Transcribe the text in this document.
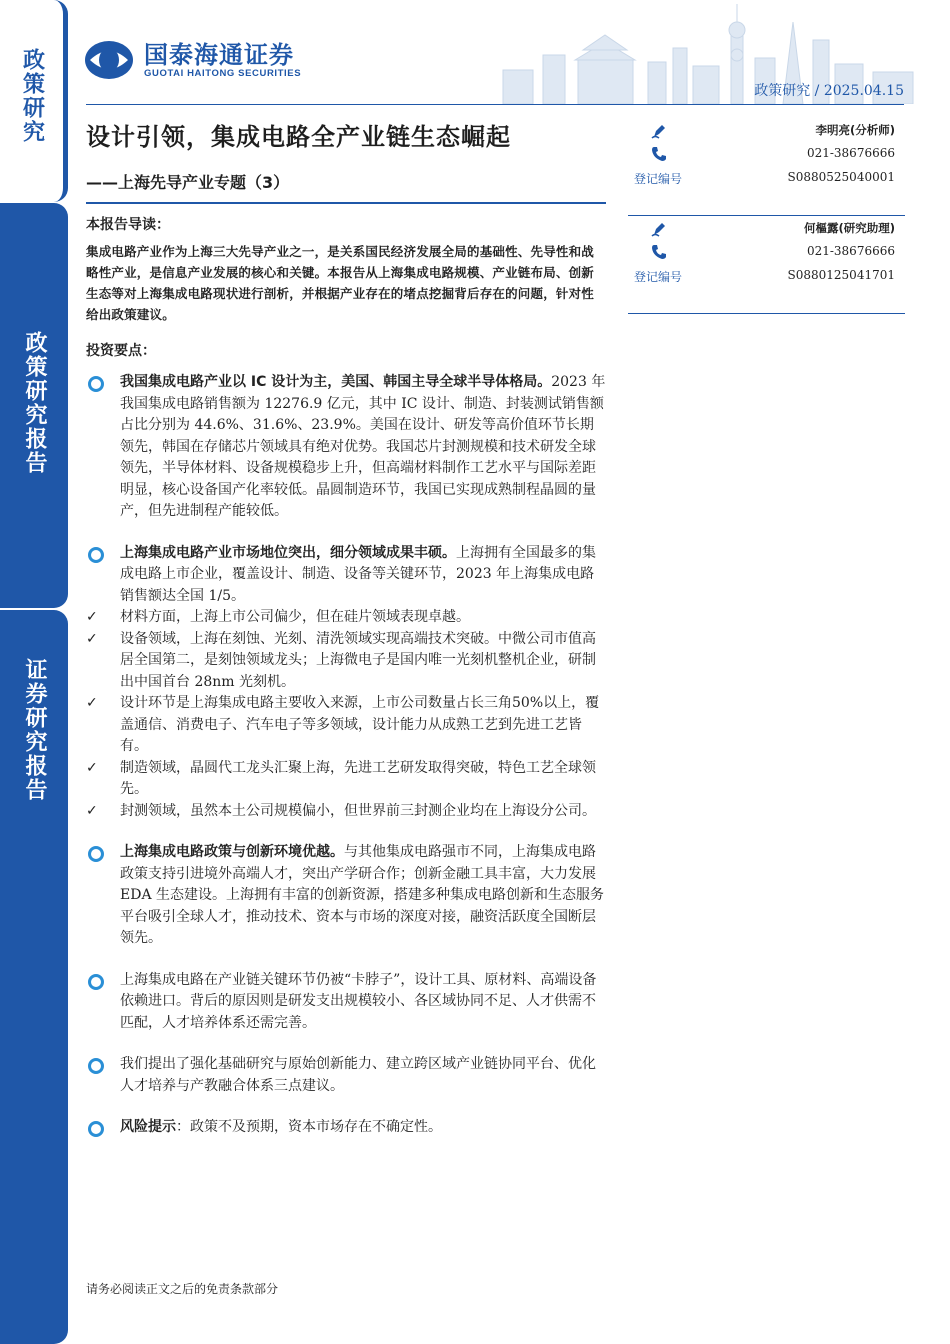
政策研究
政策研究报告
证券研究报告
国泰海通证券
GUOTAI HAITONG SECURITIES
政策研究 / 2025.04.15
设计引领，集成电路全产业链生态崛起
——上海先导产业专题（3）
李明亮(分析师)
021-38676666
登记编号	S0880525040001
何樞露(研究助理)
021-38676666
登记编号	S0880125041701

本报告导读：

集成电路产业作为上海三大先导产业之一，是关系国民经济发展全局的基础性、先导性和战略性产业，是信息产业发展的核心和关键。本报告从上海集成电路规模、产业链布局、创新生态等对上海集成电路现状进行剖析，并根据产业存在的堵点挖掘背后存在的问题，针对性给出政策建议。

投资要点：

我国集成电路产业以 IC 设计为主，美国、韩国主导全球半导体格局。2023 年我国集成电路销售额为 12276.9 亿元，其中 IC 设计、制造、封装测试销售额占比分别为 44.6%、31.6%、23.9%。美国在设计、研发等高价值环节长期领先，韩国在存储芯片领域具有绝对优势。我国芯片封测规模和技术研发全球领先，半导体材料、设备规模稳步上升，但高端材料制作工艺水平与国际差距明显，核心设备国产化率较低。晶圆制造环节，我国已实现成熟制程晶圆的量产，但先进制程产能较低。

上海集成电路产业市场地位突出，细分领域成果丰硕。上海拥有全国最多的集成电路上市企业，覆盖设计、制造、设备等关键环节，2023 年上海集成电路销售额达全国 1/5。

✓ 材料方面，上海上市公司偏少，但在硅片领域表现卓越。

✓ 设备领域，上海在刻蚀、光刻、清洗领域实现高端技术突破。中微公司市值高居全国第二，是刻蚀领域龙头；上海微电子是国内唯一光刻机整机企业，研制出中国首台 28nm 光刻机。

✓ 设计环节是上海集成电路主要收入来源，上市公司数量占长三角50%以上，覆盖通信、消费电子、汽车电子等多领域，设计能力从成熟工艺到先进工艺皆有。

✓ 制造领域，晶圆代工龙头汇聚上海，先进工艺研发取得突破，特色工艺全球领先。

✓ 封测领域，虽然本土公司规模偏小，但世界前三封测企业均在上海设分公司。

上海集成电路政策与创新环境优越。与其他集成电路强市不同，上海集成电路政策支持引进境外高端人才，突出产学研合作；创新金融工具丰富，大力发展 EDA 生态建设。上海拥有丰富的创新资源，搭建多种集成电路创新和生态服务平台吸引全球人才，推动技术、资本与市场的深度对接，融资活跃度全国断层领先。

上海集成电路在产业链关键环节仍被“卡脖子”，设计工具、原材料、高端设备依赖进口。背后的原因则是研发支出规模较小、各区域协同不足、人才供需不匹配，人才培养体系还需完善。

我们提出了强化基础研究与原始创新能力、建立跨区域产业链协同平台、优化人才培养与产教融合体系三点建议。

风险提示：政策不及预期，资本市场存在不确定性。

请务必阅读正文之后的免责条款部分
